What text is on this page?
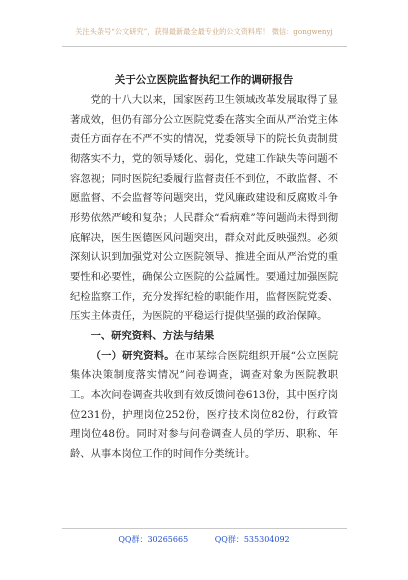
关注头条号“公文研究”，获得最新最全最专业的公文资料库！ 微信：gongwenyj
关于公立医院监督执纪工作的调研报告

党的十八大以来，国家医药卫生领域改革发展取得了显著成效，但仍有部分公立医院党委在落实全面从严治党主体责任方面存在不严不实的情况，党委领导下的院长负责制贯彻落实不力，党的领导矮化、弱化，党建工作缺失等问题不容忽视；同时医院纪委履行监督责任不到位，不敢监督、不愿监督、不会监督等问题突出，党风廉政建设和反腐败斗争形势依然严峻和复杂；人民群众“看病难”等问题尚未得到彻底解决，医生医德医风问题突出，群众对此反映强烈。必须深刻认识到加强党对公立医院领导、推进全面从严治党的重要性和必要性，确保公立医院的公益属性。要通过加强医院纪检监察工作，充分发挥纪检的职能作用，监督医院党委、压实主体责任，为医院的平稳运行提供坚强的政治保障。

一、研究资料、方法与结果

（一）研究资料。在市某综合医院组织开展“公立医院集体决策制度落实情况”问卷调查，调查对象为医院教职工。本次问卷调查共收到有效反馈问卷613份，其中医疗岗位231份，护理岗位252份，医疗技术岗位82份，行政管理岗位48份。同时对参与问卷调查人员的学历、职称、年龄、从事本岗位工作的时间作分类统计。

QQ群：30265665	QQ群：535304092
